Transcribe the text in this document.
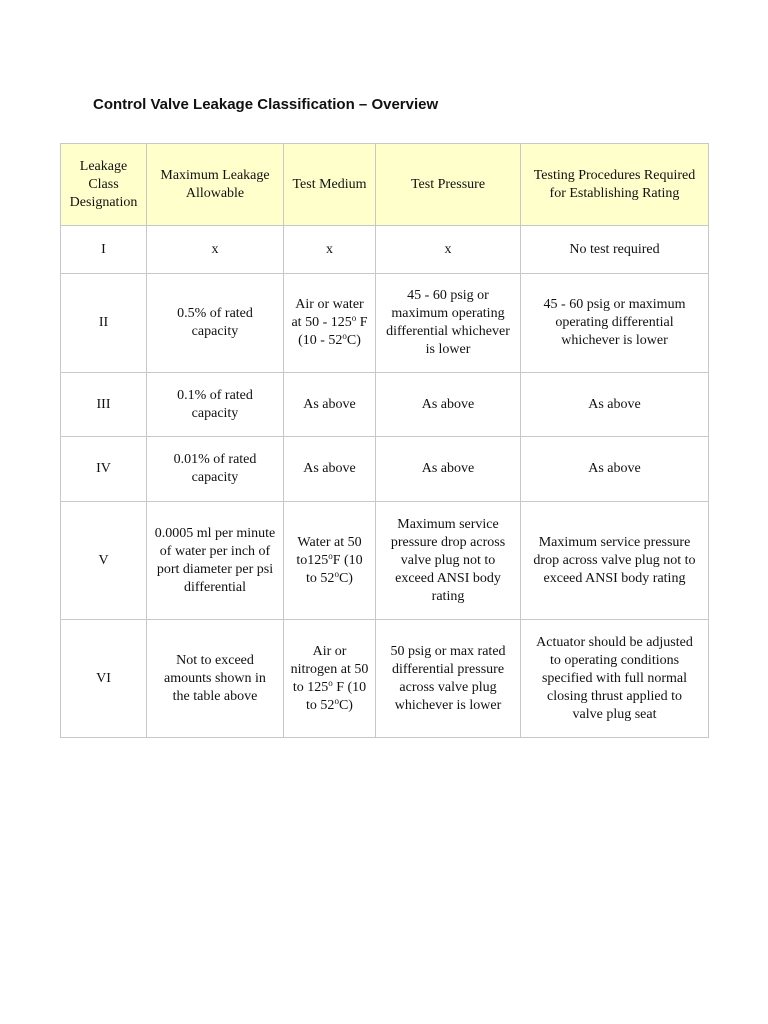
Control Valve Leakage Classification – Overview
Leakage
Class
Designation	Maximum Leakage
Allowable	Test Medium	Test Pressure	Testing Procedures Required
for Establishing Rating

I	x	x	x	No test required

II	0.5% of rated
capacity	Air or water
at 50 - 125$^o$ F
(10 - 52$^o$C)	45 - 60 psig or
maximum operating
differential whichever
is lower	45 - 60 psig or maximum
operating differential
whichever is lower

III	0.1% of rated
capacity	As above	As above	As above

IV	0.01% of rated
capacity	As above	As above	As above

V	0.0005 ml per minute
of water per inch of
port diameter per psi
differential	Water at 50
to125$^o$F (10
to 52$^o$C)	Maximum service
pressure drop across
valve plug not to
exceed ANSI body
rating	Maximum service pressure
drop across valve plug not to
exceed ANSI body rating

VI	Not to exceed
amounts shown in
the table above	Air or
nitrogen at 50
to 125$^o$ F (10
to 52$^o$C)	50 psig or max rated
differential pressure
across valve plug
whichever is lower	Actuator should be adjusted
to operating conditions
specified with full normal
closing thrust applied to
valve plug seat
